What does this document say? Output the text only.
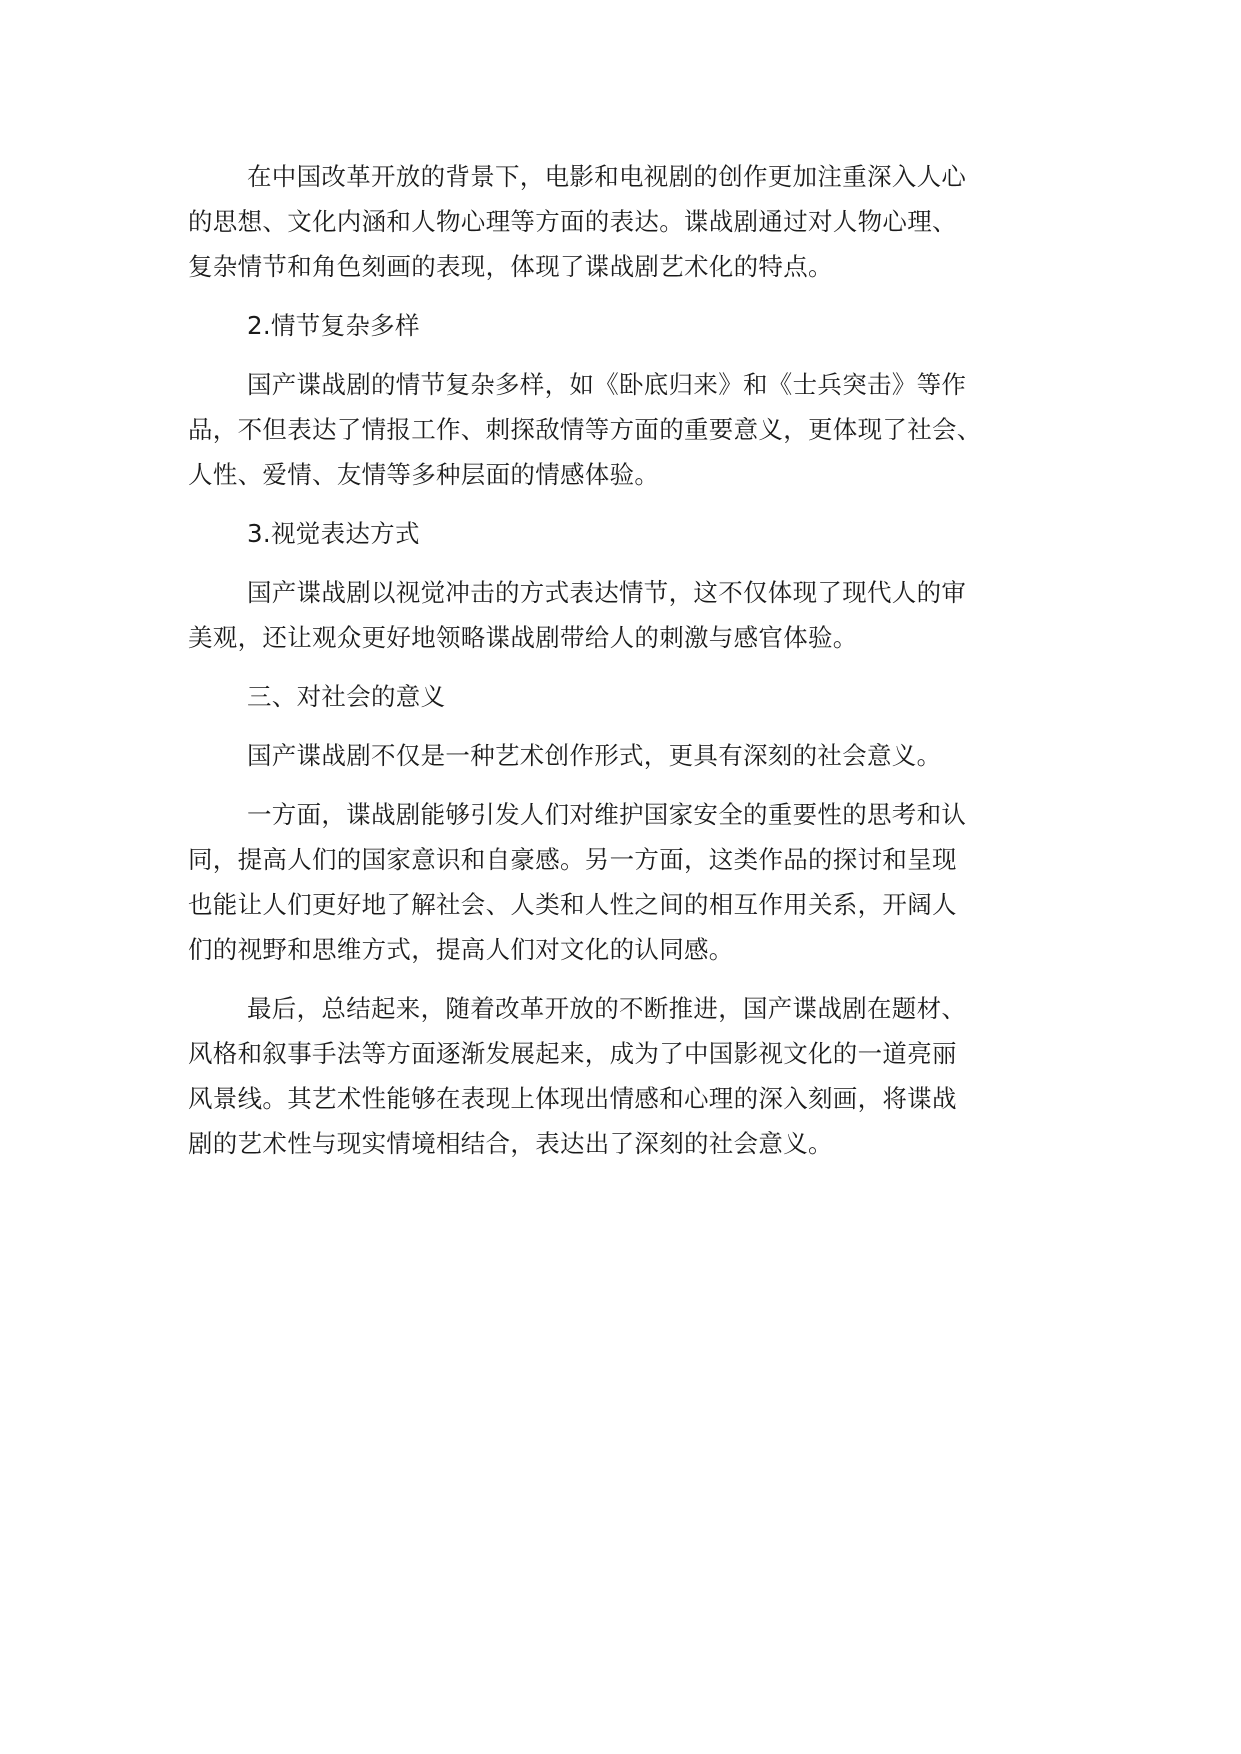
在中国改革开放的背景下，电影和电视剧的创作更加注重深入人心
的思想、文化内涵和人物心理等方面的表达。谍战剧通过对人物心理、
复杂情节和角色刻画的表现，体现了谍战剧艺术化的特点。

2.情节复杂多样

国产谍战剧的情节复杂多样，如《卧底归来》和《士兵突击》等作
品，不但表达了情报工作、刺探敌情等方面的重要意义，更体现了社会、
人性、爱情、友情等多种层面的情感体验。

3.视觉表达方式

国产谍战剧以视觉冲击的方式表达情节，这不仅体现了现代人的审
美观，还让观众更好地领略谍战剧带给人的刺激与感官体验。

三、对社会的意义

国产谍战剧不仅是一种艺术创作形式，更具有深刻的社会意义。

一方面，谍战剧能够引发人们对维护国家安全的重要性的思考和认
同，提高人们的国家意识和自豪感。另一方面，这类作品的探讨和呈现
也能让人们更好地了解社会、人类和人性之间的相互作用关系，开阔人
们的视野和思维方式，提高人们对文化的认同感。

最后，总结起来，随着改革开放的不断推进，国产谍战剧在题材、
风格和叙事手法等方面逐渐发展起来，成为了中国影视文化的一道亮丽
风景线。其艺术性能够在表现上体现出情感和心理的深入刻画，将谍战
剧的艺术性与现实情境相结合，表达出了深刻的社会意义。
